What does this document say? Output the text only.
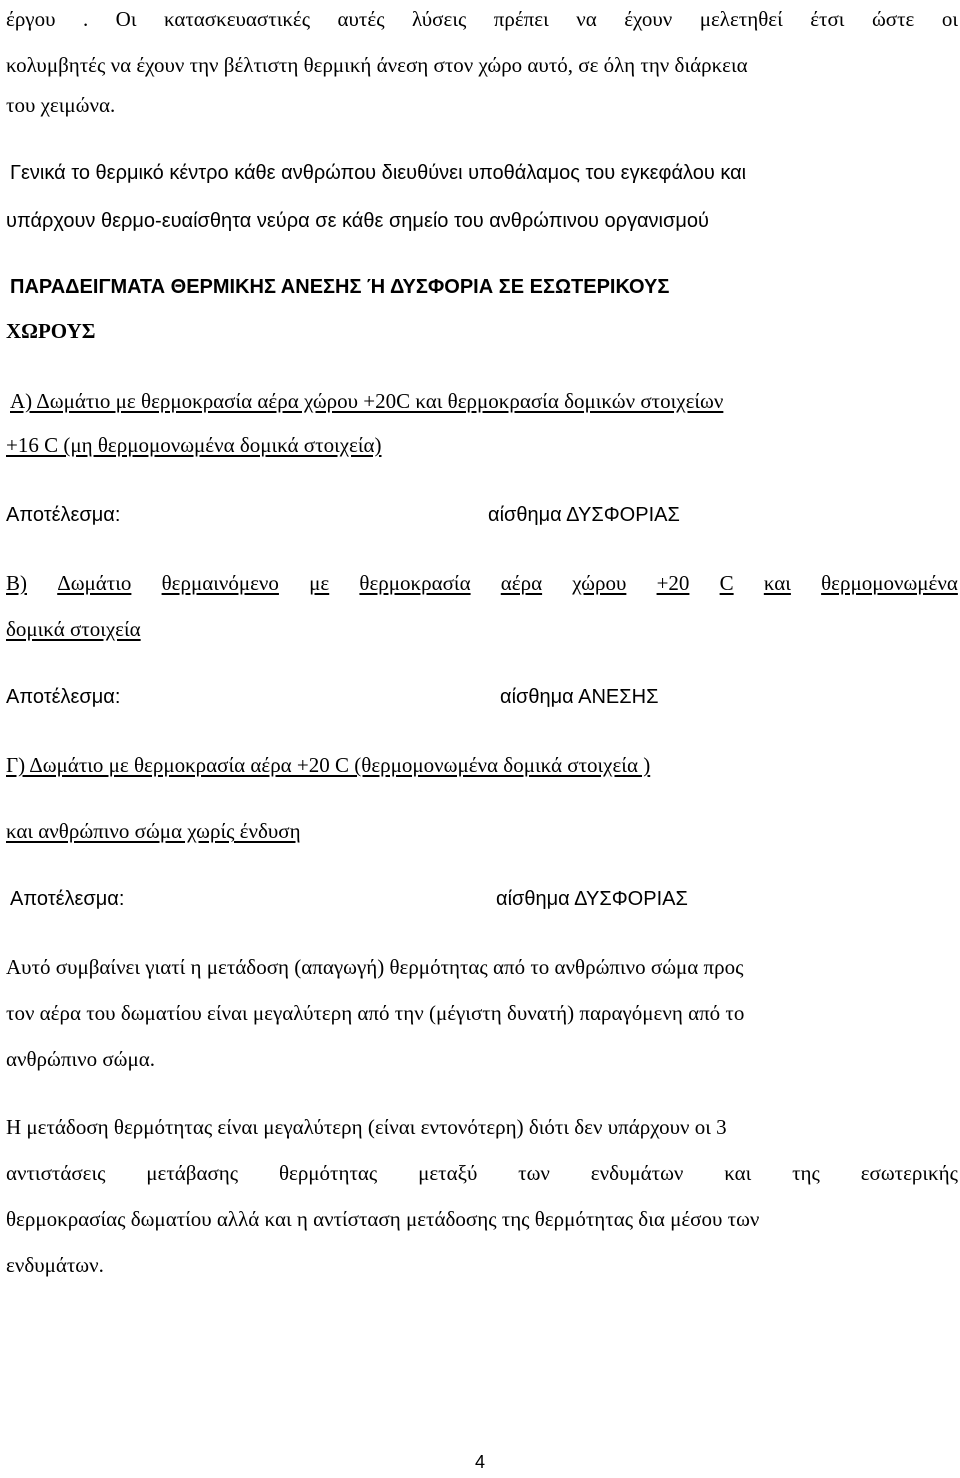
έργου . Οι κατασκευαστικές αυτές λύσεις πρέπει να έχουν μελετηθεί έτσι ώστε οι
κολυμβητές να έχουν την βέλτιστη θερμική άνεση στον χώρο αυτό, σε όλη την διάρκεια
του χειμώνα.
Γενικά το θερμικό κέντρο κάθε ανθρώπου διευθύνει υποθάλαμος του εγκεφάλου και
υπάρχουν θερμο-ευαίσθητα νεύρα σε κάθε σημείο του ανθρώπινου οργανισμού
ΠΑΡΑΔΕΙΓΜΑΤΑ ΘΕΡΜΙΚΗΣ ΑΝΕΣΗΣ Ή ΔΥΣΦΟΡΙΑ ΣΕ ΕΣΩΤΕΡΙΚΟΥΣ
ΧΩΡΟΥΣ
Α) Δωμάτιο με θερμοκρασία αέρα χώρου +20C και θερμοκρασία δομικών στοιχείων
+16 C (μη θερμομονωμένα δομικά στοιχεία)
Αποτέλεσμα:	αίσθημα ΔΥΣΦΟΡΙΑΣ
Β) Δωμάτιο θερμαινόμενο με θερμοκρασία αέρα χώρου +20 C και θερμομονωμένα
δομικά στοιχεία
Αποτέλεσμα:	αίσθημα ΑΝΕΣΗΣ
Γ) Δωμάτιο με θερμοκρασία αέρα +20 C (θερμομονωμένα δομικά στοιχεία )
και ανθρώπινο σώμα χωρίς ένδυση
Αποτέλεσμα:	αίσθημα ΔΥΣΦΟΡΙΑΣ
Αυτό συμβαίνει γιατί η μετάδοση (απαγωγή) θερμότητας από το ανθρώπινο σώμα προς
τον αέρα του δωματίου είναι μεγαλύτερη από την (μέγιστη δυνατή) παραγόμενη από το
ανθρώπινο σώμα.
Η μετάδοση θερμότητας είναι μεγαλύτερη (είναι εντονότερη) διότι δεν υπάρχουν οι 3
αντιστάσεις μετάβασης θερμότητας μεταξύ των ενδυμάτων και της εσωτερικής
θερμοκρασίας δωματίου αλλά και η αντίσταση μετάδοσης της θερμότητας δια μέσου των
ενδυμάτων.
4
